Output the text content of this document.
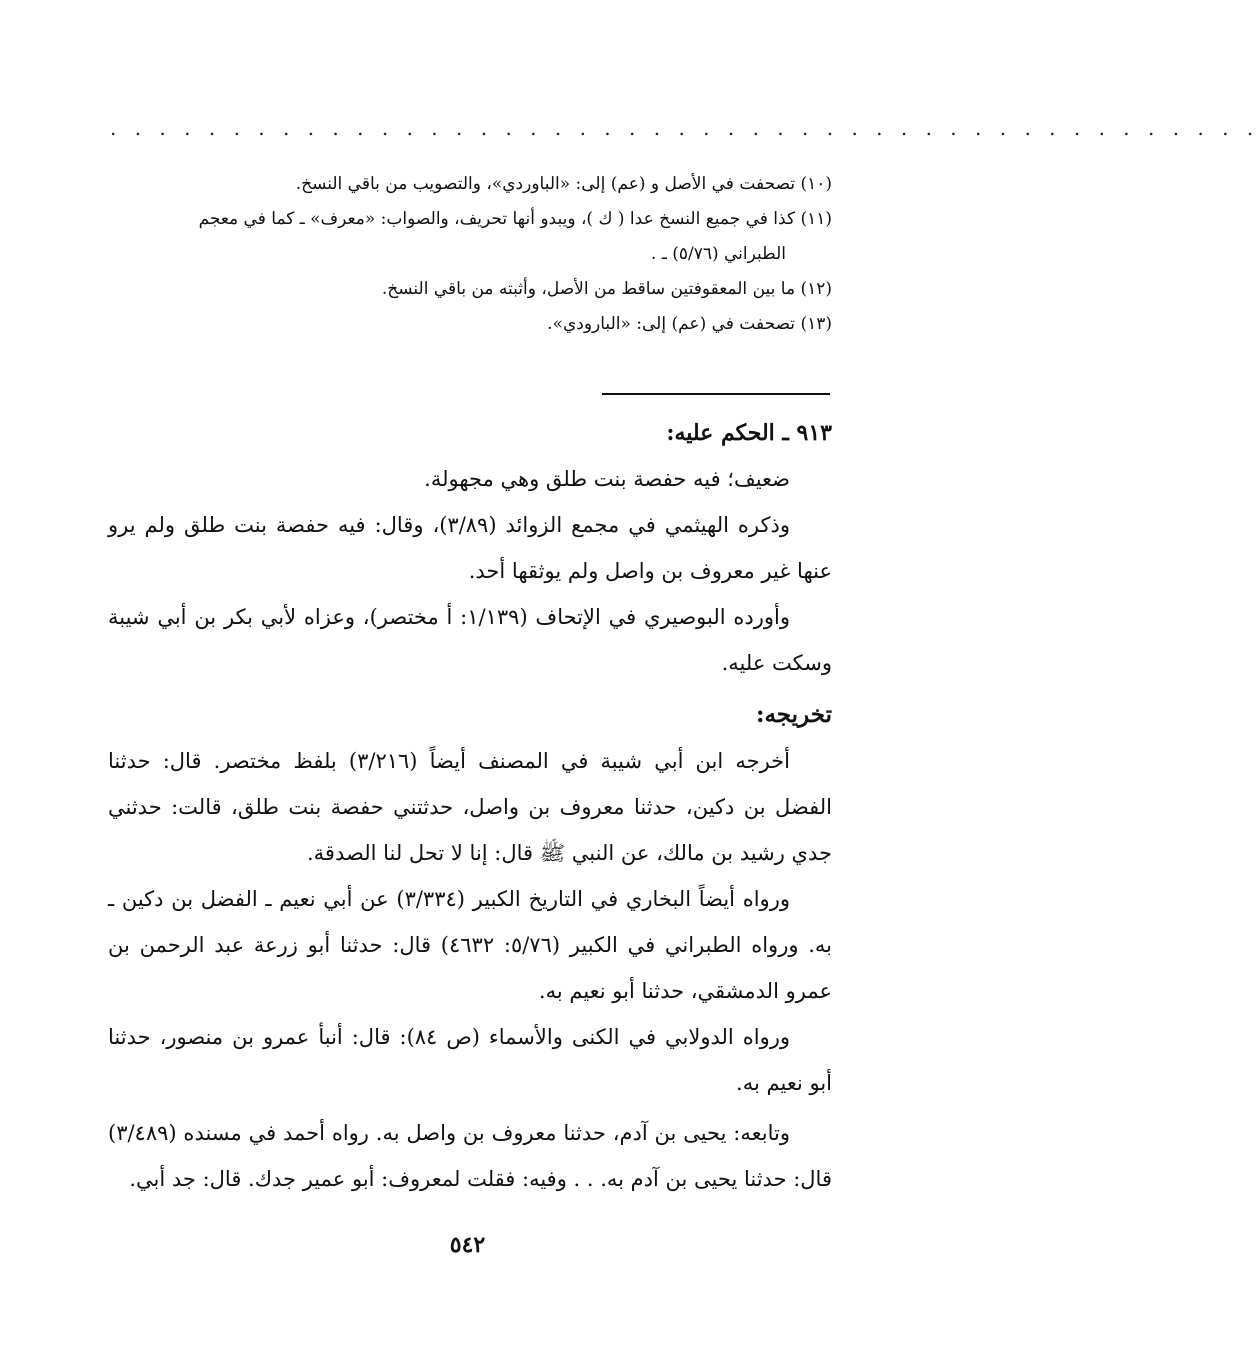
. . . . . . . . . . . . . . . . . . . . . . . . . . . . . . . . . . . . . . . . . . . . . . .

(١٠) تصحفت في الأصل و (عم) إلى: «الباوردي»، والتصويب من باقي النسخ.

(١١) كذا في جميع النسخ عدا ( ك )، ويبدو أنها تحريف، والصواب: «معرف» ـ كما في معجم

الطبراني (٥/٧٦) ـ .

(١٢) ما بين المعقوفتين ساقط من الأصل، وأثبته من باقي النسخ.

(١٣) تصحفت في (عم) إلى: «البارودي».

٩١٣ ـ الحكم عليه:

ضعيف؛ فيه حفصة بنت طلق وهي مجهولة.

وذكره الهيثمي في مجمع الزوائد (٣/٨٩)، وقال: فيه حفصة بنت طلق ولم يرو عنها غير معروف بن واصل ولم يوثقها أحد.

وأورده البوصيري في الإتحاف (١/١٣٩: أ مختصر)، وعزاه لأبي بكر بن أبي شيبة وسكت عليه.

تخريجه:

أخرجه ابن أبي شيبة في المصنف أيضاً (٣/٢١٦) بلفظ مختصر. قال: حدثنا الفضل بن دكين، حدثنا معروف بن واصل، حدثتني حفصة بنت طلق، قالت: حدثني جدي رشيد بن مالك، عن النبي ﷺ قال: إنا لا تحل لنا الصدقة.

ورواه أيضاً البخاري في التاريخ الكبير (٣/٣٣٤) عن أبي نعيم ـ الفضل بن دكين ـ به. ورواه الطبراني في الكبير (٥/٧٦: ٤٦٣٢) قال: حدثنا أبو زرعة عبد الرحمن بن عمرو الدمشقي، حدثنا أبو نعيم به.

ورواه الدولابي في الكنى والأسماء (ص ٨٤): قال: أنبأ عمرو بن منصور، حدثنا أبو نعيم به.

وتابعه: يحيى بن آدم، حدثنا معروف بن واصل به. رواه أحمد في مسنده (٣/٤٨٩) قال: حدثنا يحيى بن آدم به. . . وفيه: فقلت لمعروف: أبو عمير جدك. قال: جد أبي.

٥٤٢
